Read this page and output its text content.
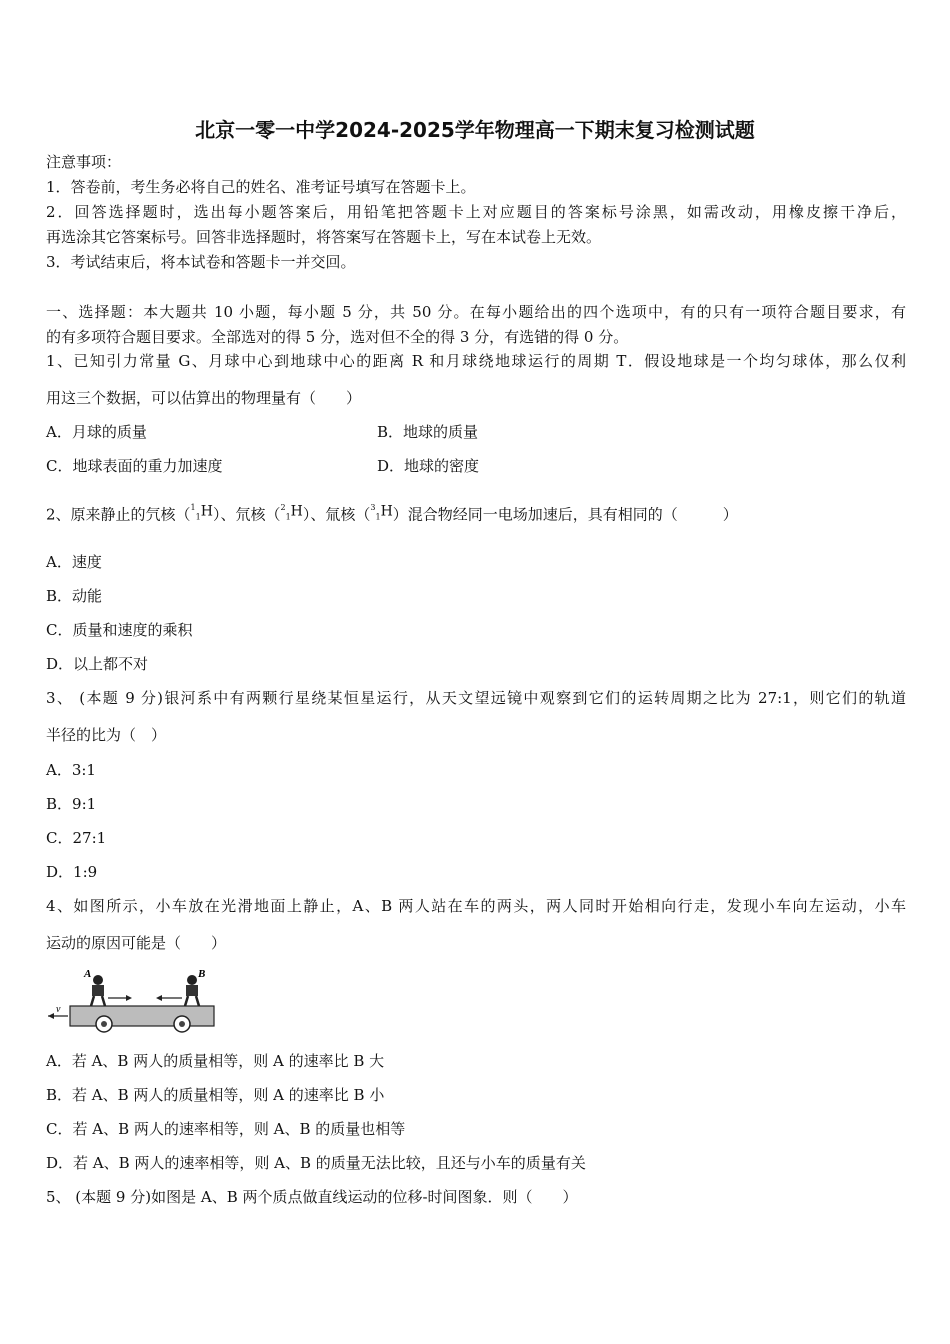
北京一零一中学2024-2025学年物理高一下期末复习检测试题
注意事项：
1．答卷前，考生务必将自己的姓名、准考证号填写在答题卡上。
2．回答选择题时，选出每小题答案后，用铅笔把答题卡上对应题目的答案标号涂黑，如需改动，用橡皮擦干净后，
再选涂其它答案标号。回答非选择题时，将答案写在答题卡上，写在本试卷上无效。
3．考试结束后，将本试卷和答题卡一并交回。
一、选择题：本大题共 10 小题，每小题 5 分，共 50 分。在每小题给出的四个选项中，有的只有一项符合题目要求，有
的有多项符合题目要求。全部选对的得 5 分，选对但不全的得 3 分，有选错的得 0 分。
1、已知引力常量 G、月球中心到地球中心的距离 R 和月球绕地球运行的周期 T．假设地球是一个均匀球体，那么仅利
用这三个数据，可以估算出的物理量有（　　）
A．月球的质量	B．地球的质量
C．地球表面的重力加速度	D．地球的密度
2、原来静止的氕核（$^1_1$H）、氘核（$^2_1$H）、氚核（$^3_1$H）混合物经同一电场加速后，具有相同的（　　　）
A．速度
B．动能
C．质量和速度的乘积
D．以上都不对
3、 (本题 9 分)银河系中有两颗行星绕某恒星运行，从天文望远镜中观察到它们的运转周期之比为 27:1，则它们的轨道
半径的比为（　）
A．3:1
B．9:1
C．27:1
D．1:9
4、如图所示，小车放在光滑地面上静止，A、B 两人站在车的两头，两人同时开始相向行走，发现小车向左运动，小车
运动的原因可能是（　　）
v
A	B
A．若 A、B 两人的质量相等，则 A 的速率比 B 大
B．若 A、B 两人的质量相等，则 A 的速率比 B 小
C．若 A、B 两人的速率相等，则 A、B 的质量也相等
D．若 A、B 两人的速率相等，则 A、B 的质量无法比较，且还与小车的质量有关
5、 (本题 9 分)如图是 A、B 两个质点做直线运动的位移-时间图象．则（　　）
